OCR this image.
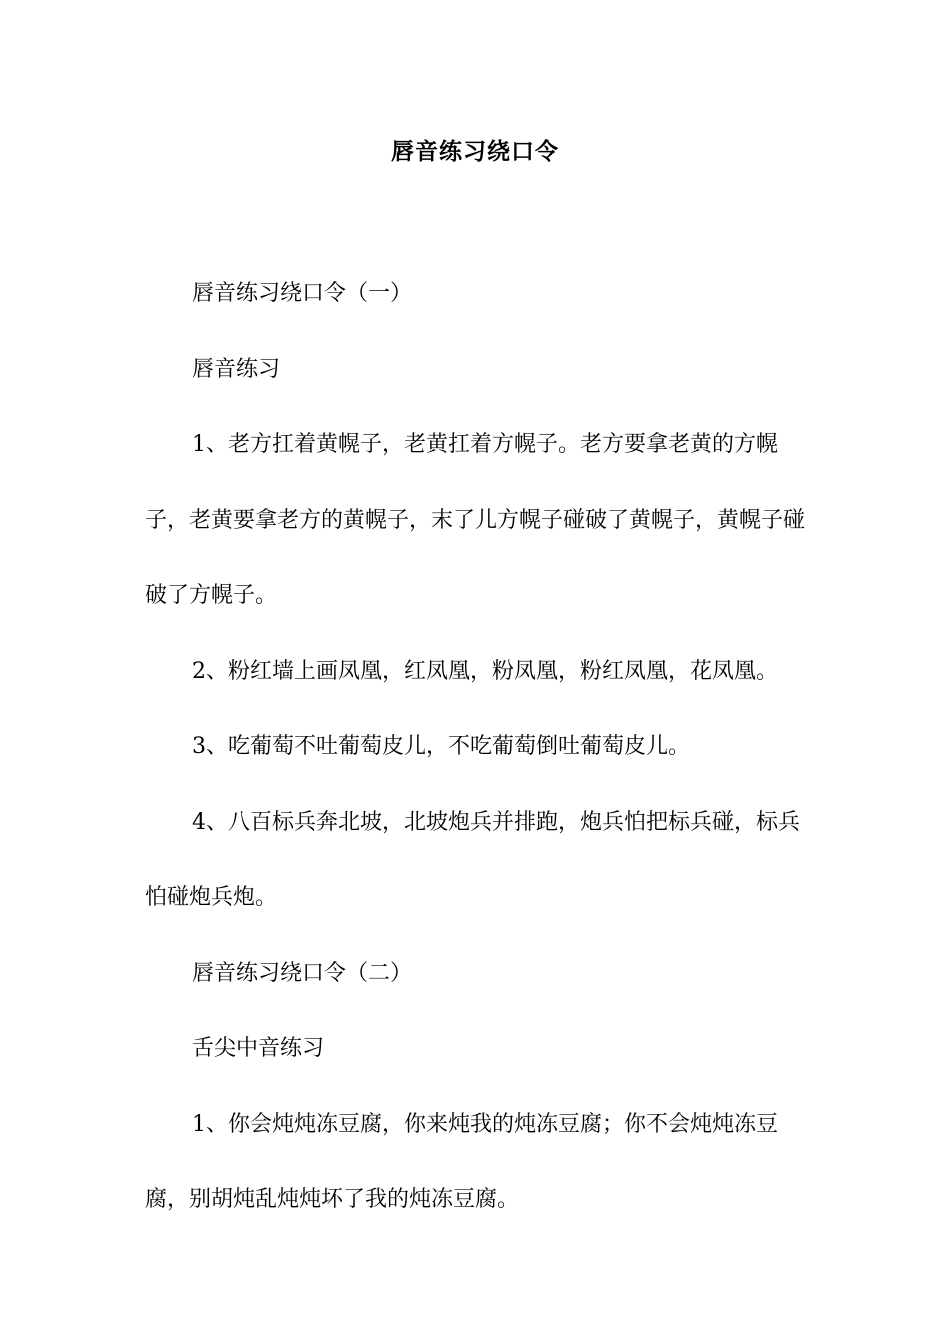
唇音练习绕口令

唇音练习绕口令（一）

唇音练习

1、老方扛着黄幌子，老黄扛着方幌子。老方要拿老黄的方幌子，老黄要拿老方的黄幌子，末了儿方幌子碰破了黄幌子，黄幌子碰破了方幌子。

2、粉红墙上画凤凰，红凤凰，粉凤凰，粉红凤凰，花凤凰。

3、吃葡萄不吐葡萄皮儿，不吃葡萄倒吐葡萄皮儿。

4、八百标兵奔北坡，北坡炮兵并排跑，炮兵怕把标兵碰，标兵怕碰炮兵炮。

唇音练习绕口令（二）

舌尖中音练习

1、你会炖炖冻豆腐，你来炖我的炖冻豆腐；你不会炖炖冻豆腐，别胡炖乱炖炖坏了我的炖冻豆腐。
